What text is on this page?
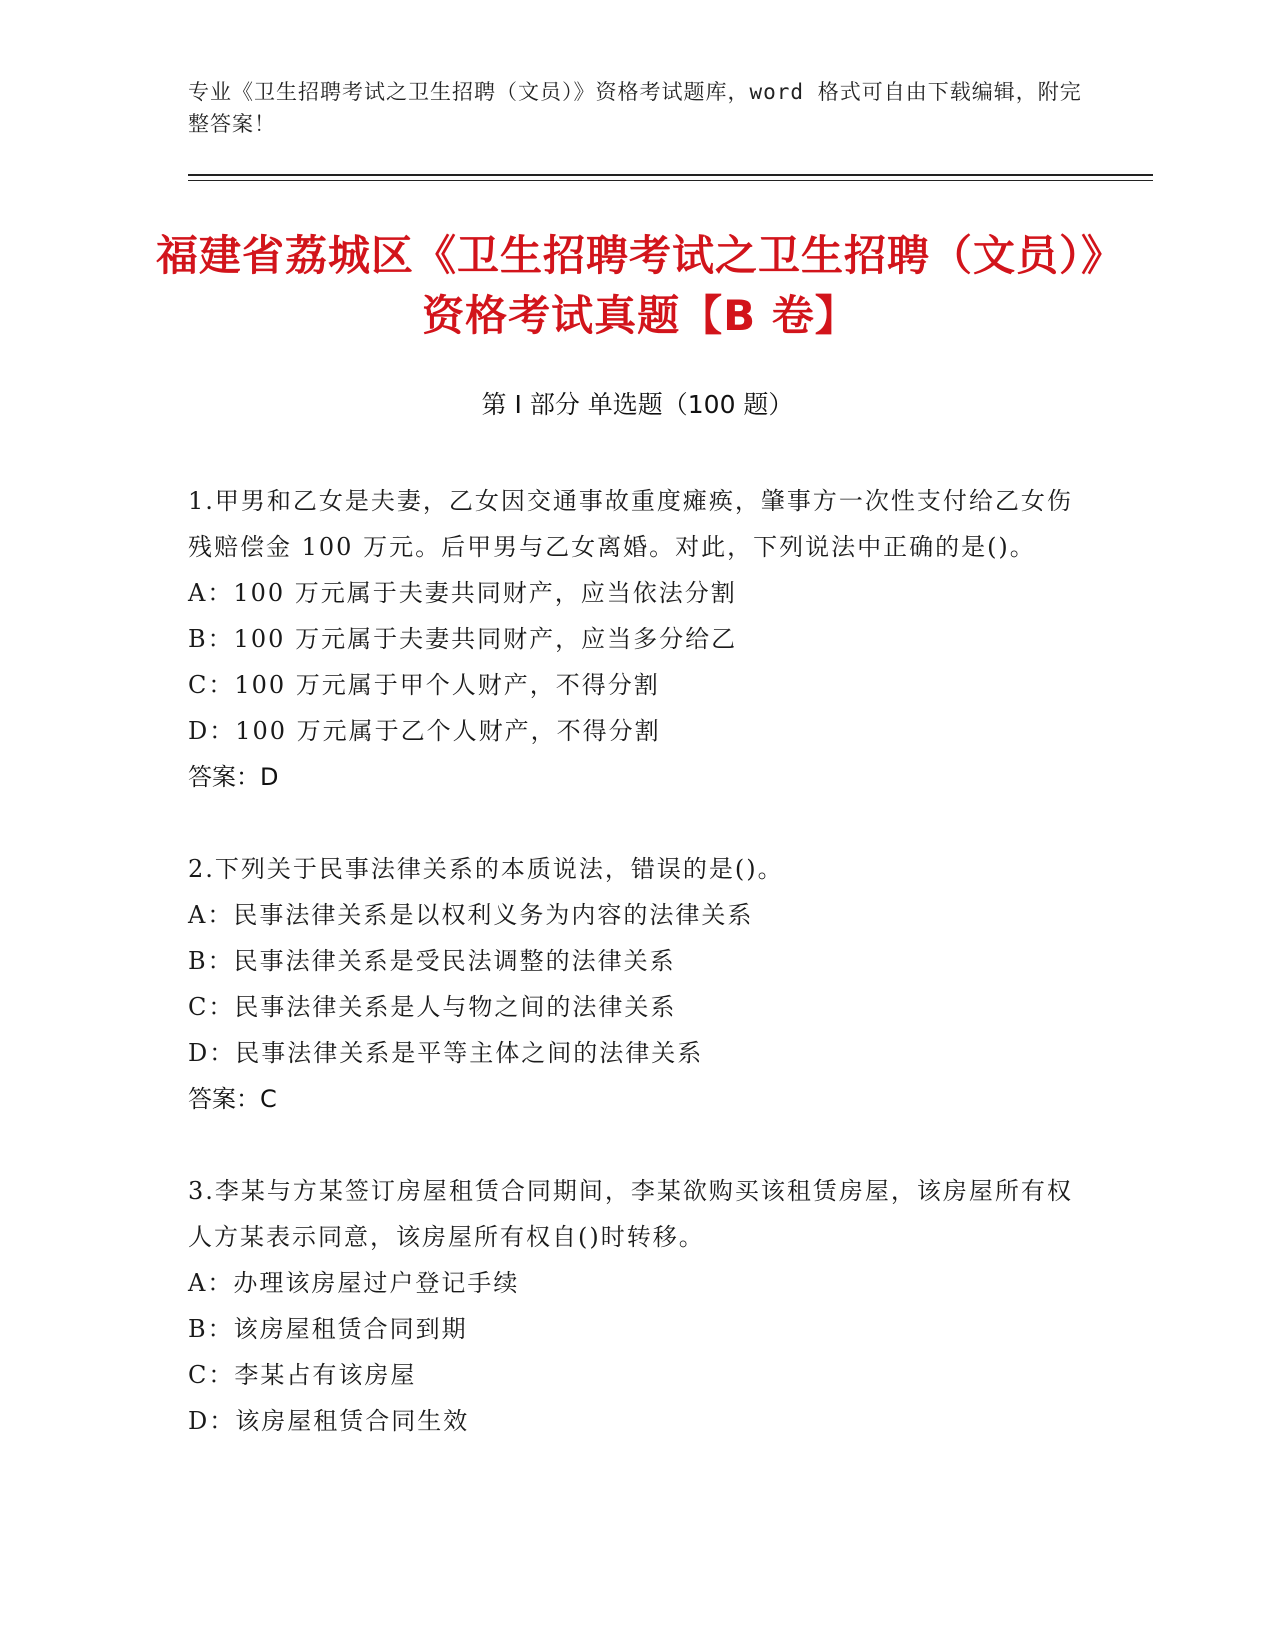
专业《卫生招聘考试之卫生招聘（文员）》资格考试题库，word 格式可自由下载编辑，附完整答案！
福建省荔城区《卫生招聘考试之卫生招聘（文员）》资格考试真题【B 卷】
第 I 部分 单选题（100 题）
1.甲男和乙女是夫妻，乙女因交通事故重度瘫痪，肇事方一次性支付给乙女伤残赔偿金 100 万元。后甲男与乙女离婚。对此，下列说法中正确的是()。
A：100 万元属于夫妻共同财产，应当依法分割
B：100 万元属于夫妻共同财产，应当多分给乙
C：100 万元属于甲个人财产，不得分割
D：100 万元属于乙个人财产，不得分割
答案：D
2.下列关于民事法律关系的本质说法，错误的是()。
A：民事法律关系是以权利义务为内容的法律关系
B：民事法律关系是受民法调整的法律关系
C：民事法律关系是人与物之间的法律关系
D：民事法律关系是平等主体之间的法律关系
答案：C
3.李某与方某签订房屋租赁合同期间，李某欲购买该租赁房屋，该房屋所有权人方某表示同意，该房屋所有权自()时转移。
A：办理该房屋过户登记手续
B：该房屋租赁合同到期
C：李某占有该房屋
D：该房屋租赁合同生效
